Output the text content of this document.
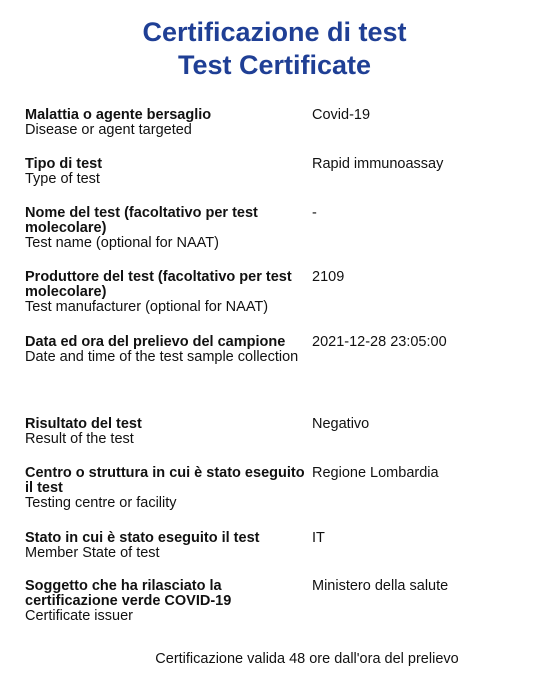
Certificazione di test
Test Certificate
Malattia o agente bersaglio
Disease or agent targeted
Covid-19
Tipo di test
Type of test
Rapid immunoassay
Nome del test (facoltativo per test molecolare)
Test name (optional for NAAT)
-
Produttore del test (facoltativo per test molecolare)
Test manufacturer (optional for NAAT)
2109
Data ed ora del prelievo del campione
Date and time of the test sample collection
2021-12-28 23:05:00
Risultato del test
Result of the test
Negativo
Centro o struttura in cui è stato eseguito il test
Testing centre or facility
Regione Lombardia
Stato in cui è stato eseguito il test
Member State of test
IT
Soggetto che ha rilasciato la certificazione verde COVID-19
Certificate issuer
Ministero della salute
Certificazione valida 48 ore dall'ora del prelievo
